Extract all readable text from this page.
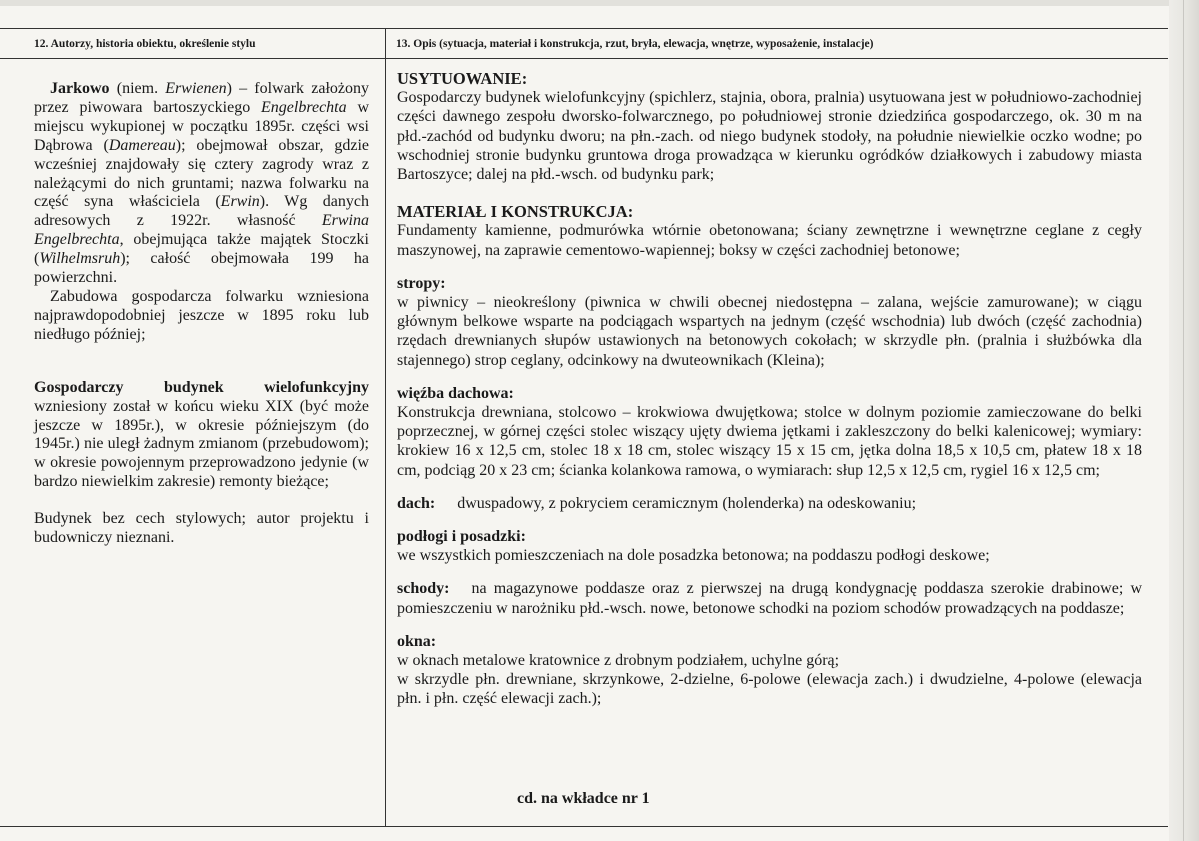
12. Autorzy, historia obiektu, określenie stylu	13. Opis (sytuacja, materiał i konstrukcja, rzut, bryła, elewacja, wnętrze, wyposażenie, instalacje)

Jarkowo (niem. Erwienen) – folwark założony przez piwowara bartoszyckiego Engelbrechta w miejscu wykupionej w początku 1895r. części wsi Dąbrowa (Damereau); obejmował obszar, gdzie wcześniej znajdowały się cztery zagrody wraz z należącymi do nich gruntami; nazwa folwarku na część syna właściciela (Erwin). Wg danych adresowych z 1922r. własność Erwina Engelbrechta, obejmująca także majątek Stoczki (Wilhelmsruh); całość obejmowała 199 ha powierzchni.

Zabudowa gospodarcza folwarku wzniesiona najprawdopodobniej jeszcze w 1895 roku lub niedługo później;

Gospodarczy budynek wielofunkcyjny

wzniesiony został w końcu wieku XIX (być może jeszcze w 1895r.), w okresie późniejszym (do 1945r.) nie uległ żadnym zmianom (przebudowom); w okresie powojennym przeprowadzono jedynie (w bardzo niewielkim zakresie) remonty bieżące;

Budynek bez cech stylowych; autor projektu i budowniczy nieznani.

USYTUOWANIE:

Gospodarczy budynek wielofunkcyjny (spichlerz, stajnia, obora, pralnia) usytuowana jest w południowo-zachodniej części dawnego zespołu dworsko-folwarcznego, po południowej stronie dziedzińca gospodarczego, ok. 30 m na płd.-zachód od budynku dworu; na płn.-zach. od niego budynek stodoły, na południe niewielkie oczko wodne; po wschodniej stronie budynku gruntowa droga prowadząca w kierunku ogródków działkowych i zabudowy miasta Bartoszyce; dalej na płd.-wsch. od budynku park;

MATERIAŁ I KONSTRUKCJA:

Fundamenty kamienne, podmurówka wtórnie obetonowana; ściany zewnętrzne i wewnętrzne ceglane z cegły maszynowej, na zaprawie cementowo-wapiennej; boksy w części zachodniej betonowe;

stropy:

w piwnicy – nieokreślony (piwnica w chwili obecnej niedostępna – zalana, wejście zamurowane); w ciągu głównym belkowe wsparte na podciągach wspartych na jednym (część wschodnia) lub dwóch (część zachodnia) rzędach drewnianych słupów ustawionych na betonowych cokołach; w skrzydle płn. (pralnia i służbówka dla stajennego) strop ceglany, odcinkowy na dwuteownikach (Kleina);

więźba dachowa:

Konstrukcja drewniana, stolcowo – krokwiowa dwujętkowa; stolce w dolnym poziomie zamieczowane do belki poprzecznej, w górnej części stolec wiszący ujęty dwiema jętkami i zakleszczony do belki kalenicowej; wymiary: krokiew 16 x 12,5 cm, stolec 18 x 18 cm, stolec wiszący 15 x 15 cm, jętka dolna 18,5 x 10,5 cm, płatew 18 x 18 cm, podciąg 20 x 23 cm; ścianka kolankowa ramowa, o wymiarach: słup 12,5 x 12,5 cm, rygiel 16 x 12,5 cm;

dach: dwuspadowy, z pokryciem ceramicznym (holenderka) na odeskowaniu;

podłogi i posadzki:

we wszystkich pomieszczeniach na dole posadzka betonowa; na poddaszu podłogi deskowe;

schody: na magazynowe poddasze oraz z pierwszej na drugą kondygnację poddasza szerokie drabinowe; w pomieszczeniu w narożniku płd.-wsch. nowe, betonowe schodki na poziom schodów prowadzących na poddasze;

okna:

w oknach metalowe kratownice z drobnym podziałem, uchylne górą;

w skrzydle płn. drewniane, skrzynkowe, 2-dzielne, 6-polowe (elewacja zach.) i dwudzielne, 4-polowe (elewacja płn. i płn. część elewacji zach.);

cd. na wkładce nr 1
